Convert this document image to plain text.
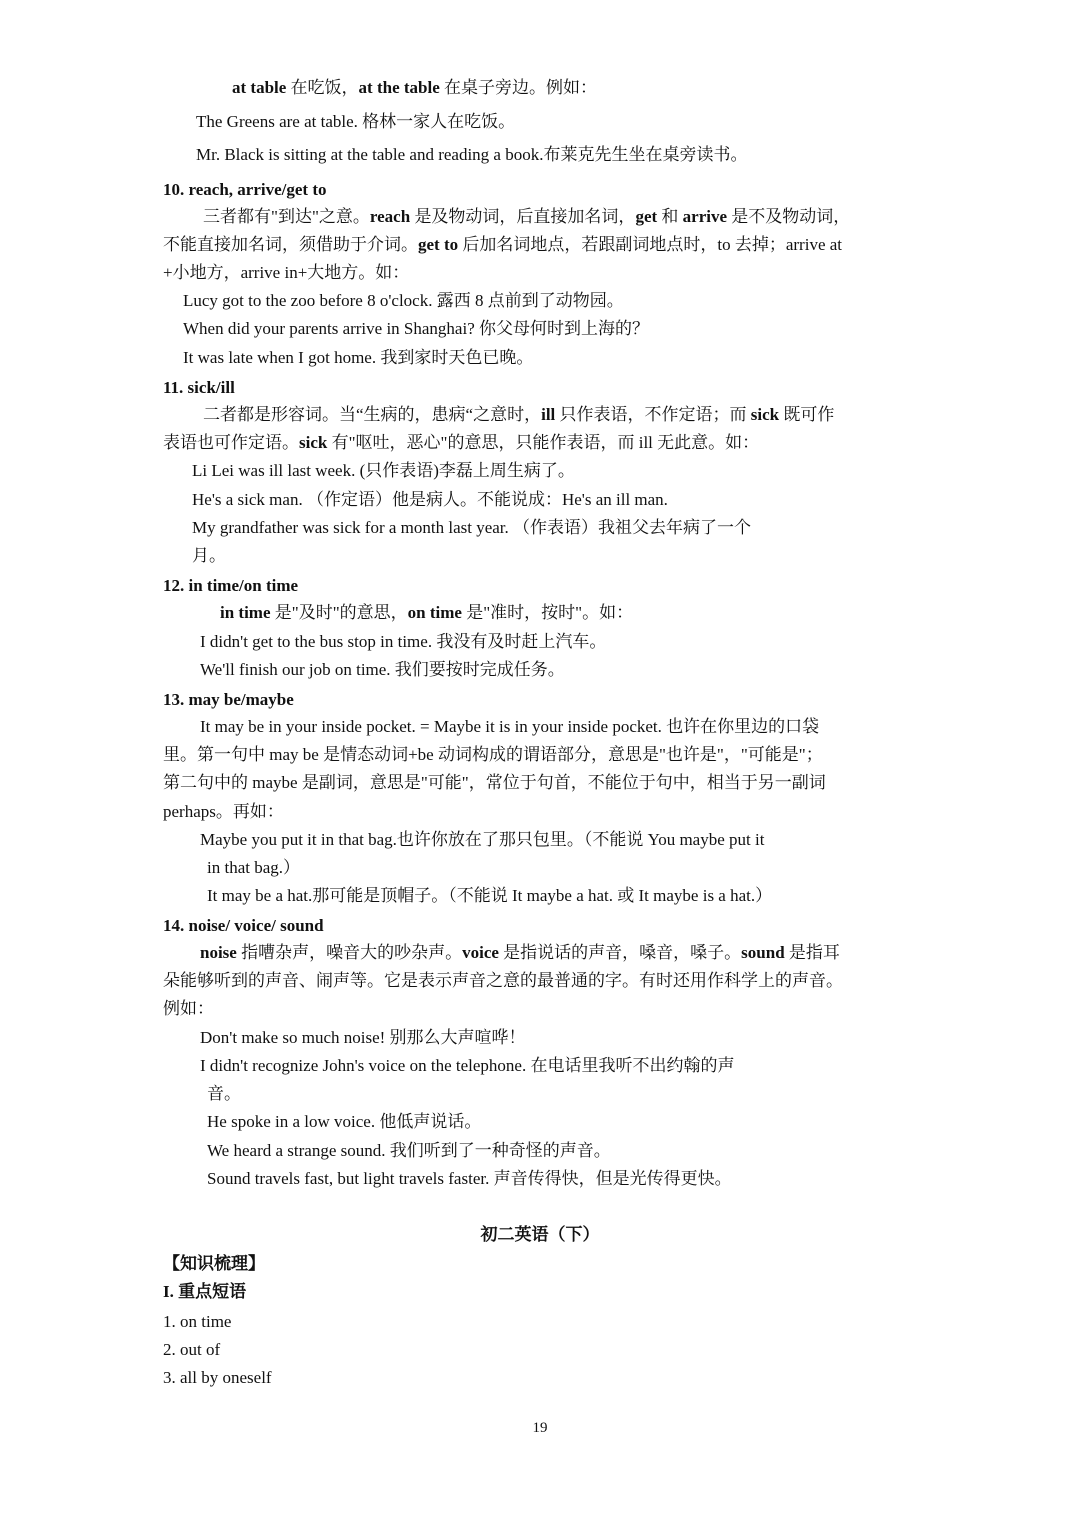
at table 在吃饭，at the table 在桌子旁边。例如：
The Greens are at table. 格林一家人在吃饭。
Mr. Black is sitting at the table and reading a book.布莱克先生坐在桌旁读书。
10. reach, arrive/get to
三者都有"到达"之意。reach 是及物动词，后直接加名词，get 和 arrive 是不及物动词，
不能直接加名词，须借助于介词。get to 后加名词地点，若跟副词地点时，to 去掉；arrive at
+小地方，arrive in+大地方。如：
Lucy got to the zoo before 8 o'clock. 露西 8 点前到了动物园。
When did your parents arrive in Shanghai? 你父母何时到上海的？
It was late when I got home. 我到家时天色已晚。
11. sick/ill
二者都是形容词。当“生病的，患病“之意时，ill 只作表语，不作定语；而 sick 既可作
表语也可作定语。sick 有"呕吐，恶心"的意思，只能作表语，而 ill 无此意。如：
Li Lei was ill last week. (只作表语)李磊上周生病了。
He's a sick man. （作定语）他是病人。不能说成：He's an ill man.
My grandfather was sick for a month last year. （作表语）我祖父去年病了一个
月。
12. in time/on time
in time 是"及时"的意思，on time 是"准时，按时"。如：
I didn't get to the bus stop in time. 我没有及时赶上汽车。
We'll finish our job on time. 我们要按时完成任务。
13. may be/maybe
It may be in your inside pocket. = Maybe it is in your inside pocket. 也许在你里边的口袋
里。第一句中 may be 是情态动词+be 动词构成的谓语部分，意思是"也许是"，"可能是"；
第二句中的 maybe 是副词，意思是"可能"，常位于句首，不能位于句中，相当于另一副词
perhaps。再如：
Maybe you put it in that bag.也许你放在了那只包里。（不能说 You maybe put it
in that bag.）
It may be a hat.那可能是顶帽子。（不能说 It maybe a hat. 或 It maybe is a hat.）
14. noise/ voice/ sound
noise 指嘈杂声，噪音大的吵杂声。voice 是指说话的声音，嗓音，嗓子。sound 是指耳
朵能够听到的声音、闹声等。它是表示声音之意的最普通的字。有时还用作科学上的声音。
例如：
Don't make so much noise! 别那么大声喧哗！
I didn't recognize John's voice on the telephone. 在电话里我听不出约翰的声
音。
He spoke in a low voice. 他低声说话。
We heard a strange sound. 我们听到了一种奇怪的声音。
Sound travels fast, but light travels faster. 声音传得快，但是光传得更快。
初二英语（下）
【知识梳理】
I. 重点短语
1. on time
2. out of
3. all by oneself
19
